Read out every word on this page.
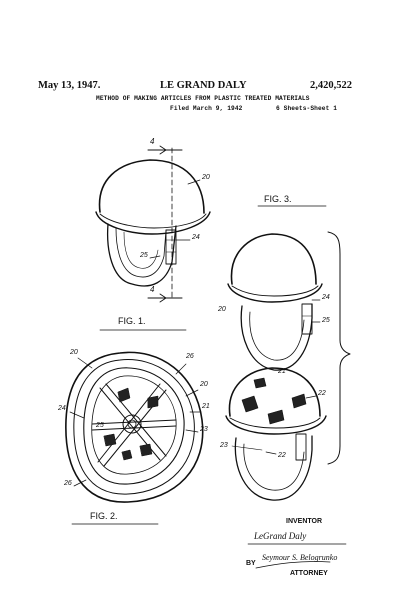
May 13, 1947.	LE GRAND DALY	2,420,522
METHOD OF MAKING ARTICLES FROM PLASTIC TREATED MATERIALS
Filed March 9, 1942	6 Sheets-Sheet 1
FIG. 1.
FIG. 2.
FIG. 3.
4
4
20
24
25
20
24
25
21
22
22
23
20
26
20
21
23
24
25
26
INVENTOR
LeGrand Daly
BY
Seymour S. Belogrunko
ATTORNEY
